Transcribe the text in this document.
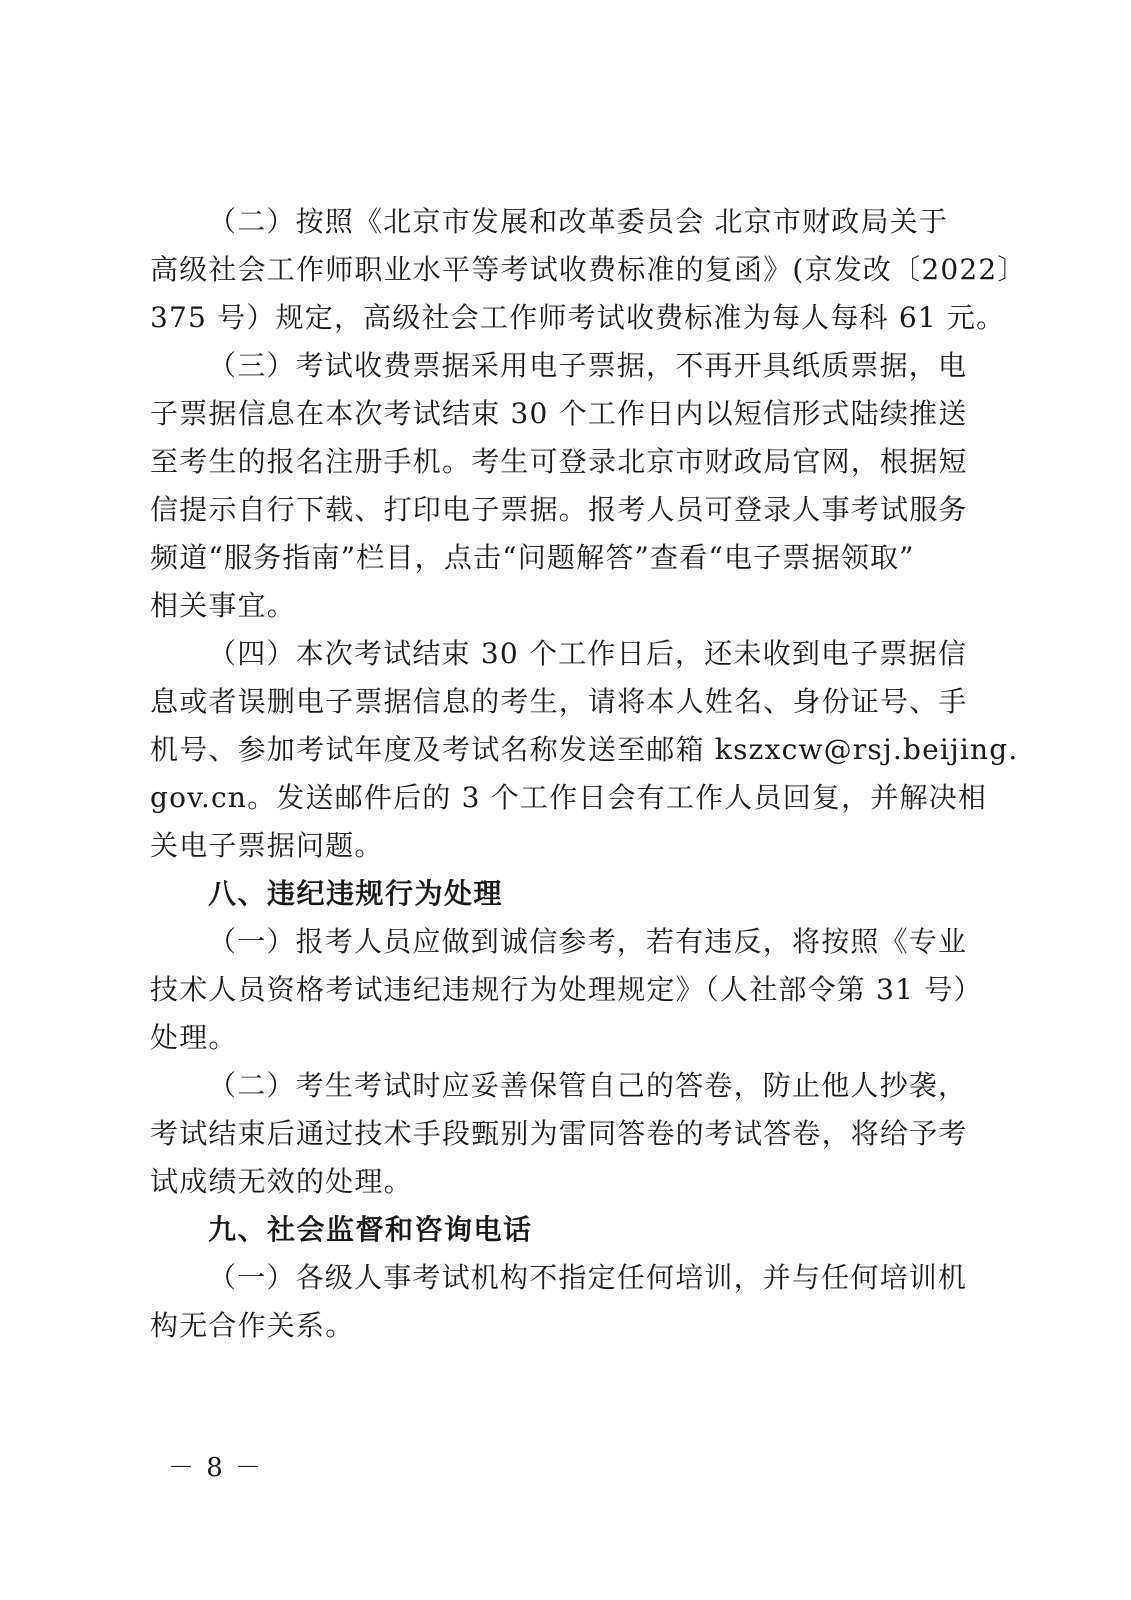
（二）按照《北京市发展和改革委员会 北京市财政局关于
高级社会工作师职业水平等考试收费标准的复函》(京发改〔2022〕
375 号）规定，高级社会工作师考试收费标准为每人每科 61 元。

（三）考试收费票据采用电子票据，不再开具纸质票据，电
子票据信息在本次考试结束 30 个工作日内以短信形式陆续推送
至考生的报名注册手机。考生可登录北京市财政局官网，根据短
信提示自行下载、打印电子票据。报考人员可登录人事考试服务
频道“服务指南”栏目，点击“问题解答”查看“电子票据领取”
相关事宜。

（四）本次考试结束 30 个工作日后，还未收到电子票据信
息或者误删电子票据信息的考生，请将本人姓名、身份证号、手
机号、参加考试年度及考试名称发送至邮箱 kszxcw@rsj.beijing.
gov.cn。发送邮件后的 3 个工作日会有工作人员回复，并解决相
关电子票据问题。

八、违纪违规行为处理

（一）报考人员应做到诚信参考，若有违反，将按照《专业
技术人员资格考试违纪违规行为处理规定》（人社部令第 31 号）
处理。

（二）考生考试时应妥善保管自己的答卷，防止他人抄袭，
考试结束后通过技术手段甄别为雷同答卷的考试答卷，将给予考
试成绩无效的处理。

九、社会监督和咨询电话

（一）各级人事考试机构不指定任何培训，并与任何培训机
构无合作关系。

－ 8 －
